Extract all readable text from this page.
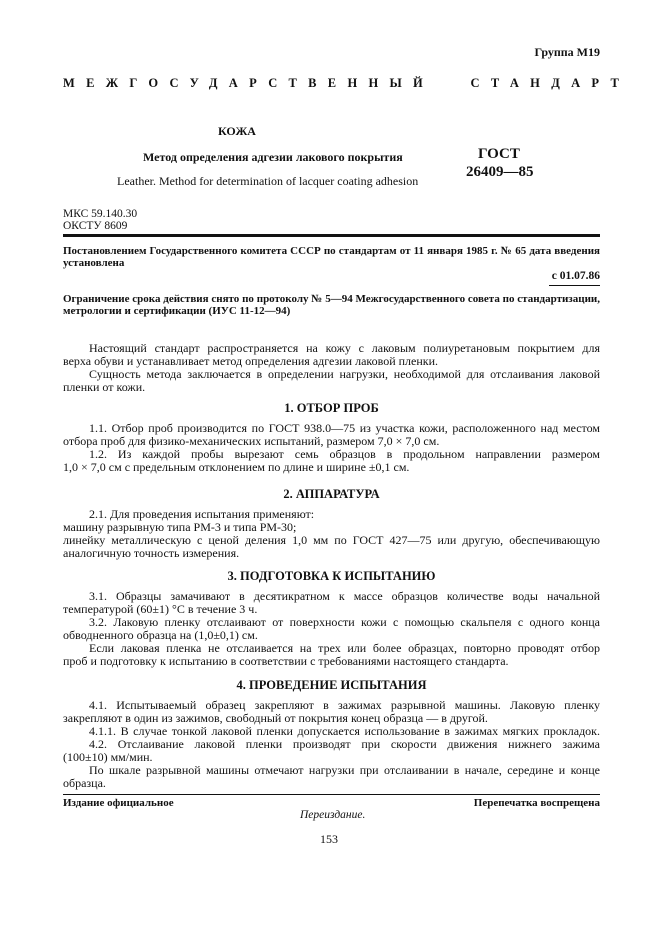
Группа М19
МЕЖГОСУДАРСТВЕННЫЙ СТАНДАРТ
КОЖА
Метод определения адгезии лакового покрытия
Leather. Method for determination of lacquer coating adhesion
ГОСТ
26409—85
МКС 59.140.30
ОКСТУ 8609
Постановлением Государственного комитета СССР по стандартам от 11 января 1985 г. № 65 дата введения
установлена
с 01.07.86
Ограничение срока действия снято по протоколу № 5—94 Межгосударственного совета по стандартизации,
метрологии и сертификации (ИУС 11-12—94)
Настоящий стандарт распространяется на кожу с лаковым полиуретановым покрытием для
верха обуви и устанавливает метод определения адгезии лаковой пленки.
Сущность метода заключается в определении нагрузки, необходимой для отслаивания лаковой
пленки от кожи.
1. ОТБОР ПРОБ
1.1. Отбор проб производится по ГОСТ 938.0—75 из участка кожи, расположенного над местом
отбора проб для физико-механических испытаний, размером 7,0 × 7,0 см.
1.2. Из каждой пробы вырезают семь образцов в продольном направлении размером
1,0 × 7,0 см с предельным отклонением по длине и ширине ±0,1 см.
2. АППАРАТУРА
2.1. Для проведения испытания применяют:
машину разрывную типа РМ-3 и типа РМ-30;
линейку металлическую с ценой деления 1,0 мм по ГОСТ 427—75 или другую, обеспечивающую
аналогичную точность измерения.
3. ПОДГОТОВКА К ИСПЫТАНИЮ
3.1. Образцы замачивают в десятикратном к массе образцов количестве воды начальной
температурой (60±1) °С в течение 3 ч.
3.2. Лаковую пленку отслаивают от поверхности кожи с помощью скальпеля с одного конца
обводненного образца на (1,0±0,1) см.
Если лаковая пленка не отслаивается на трех или более образцах, повторно проводят отбор
проб и подготовку к испытанию в соответствии с требованиями настоящего стандарта.
4. ПРОВЕДЕНИЕ ИСПЫТАНИЯ
4.1. Испытываемый образец закрепляют в зажимах разрывной машины. Лаковую пленку
закрепляют в один из зажимов, свободный от покрытия конец образца — в другой.
4.1.1. В случае тонкой лаковой пленки допускается использование в зажимах мягких прокладок.
4.2. Отслаивание лаковой пленки производят при скорости движения нижнего зажима
(100±10) мм/мин.
По шкале разрывной машины отмечают нагрузки при отслаивании в начале, середине и конце
образца.
Издание официальное	Перепечатка воспрещена
Переиздание.
153
